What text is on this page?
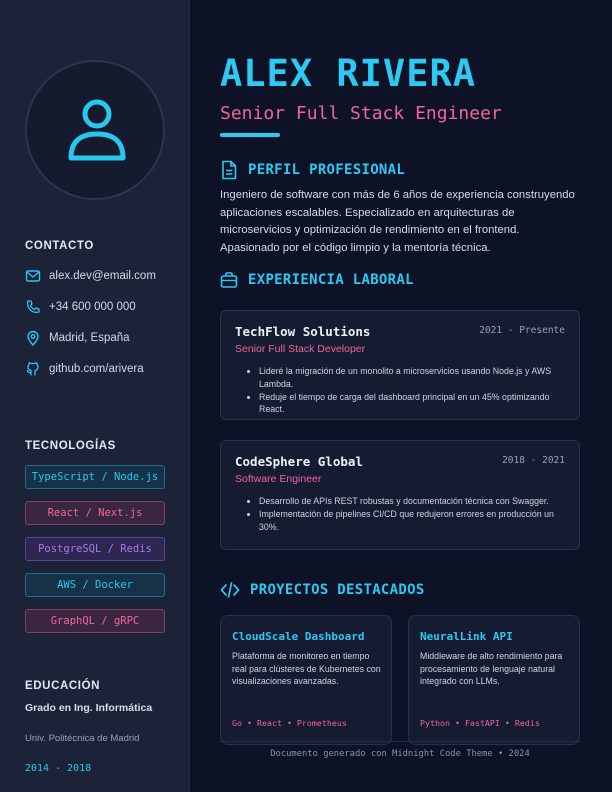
CONTACTO
alex.dev@email.com
+34 600 000 000
Madrid, España
github.com/arivera
TECNOLOGÍAS
TypeScript / Node.js
React / Next.js
PostgreSQL / Redis
AWS / Docker
GraphQL / gRPC
EDUCACIÓN
Grado en Ing. Informática
Univ. Politécnica de Madrid
2014 - 2018
ALEX RIVERA
Senior Full Stack Engineer
PERFIL PROFESIONAL

Ingeniero de software con más de 6 años de experiencia construyendo aplicaciones escalables. Especializado en arquitecturas de microservicios y optimización de rendimiento en el frontend. Apasionado por el código limpio y la mentoría técnica.

EXPERIENCIA LABORAL
TechFlow Solutions	2021 - Presente
Senior Full Stack Developer
• Lideré la migración de un monolito a microservicios usando Node.js y AWS Lambda.
• Reduje el tiempo de carga del dashboard principal en un 45% optimizando React.
CodeSphere Global	2018 - 2021
Software Engineer
• Desarrollo de APIs REST robustas y documentación técnica con Swagger.
• Implementación de pipelines CI/CD que redujeron errores en producción un 30%.
PROYECTOS DESTACADOS
CloudScale Dashboard
Plataforma de monitoreo en tiempo real para clústeres de Kubernetes con visualizaciones avanzadas.
Go • React • Prometheus
NeuralLink API
Middleware de alto rendimiento para procesamiento de lenguaje natural integrado con LLMs.
Python • FastAPI • Redis
Documento generado con Midnight Code Theme • 2024
